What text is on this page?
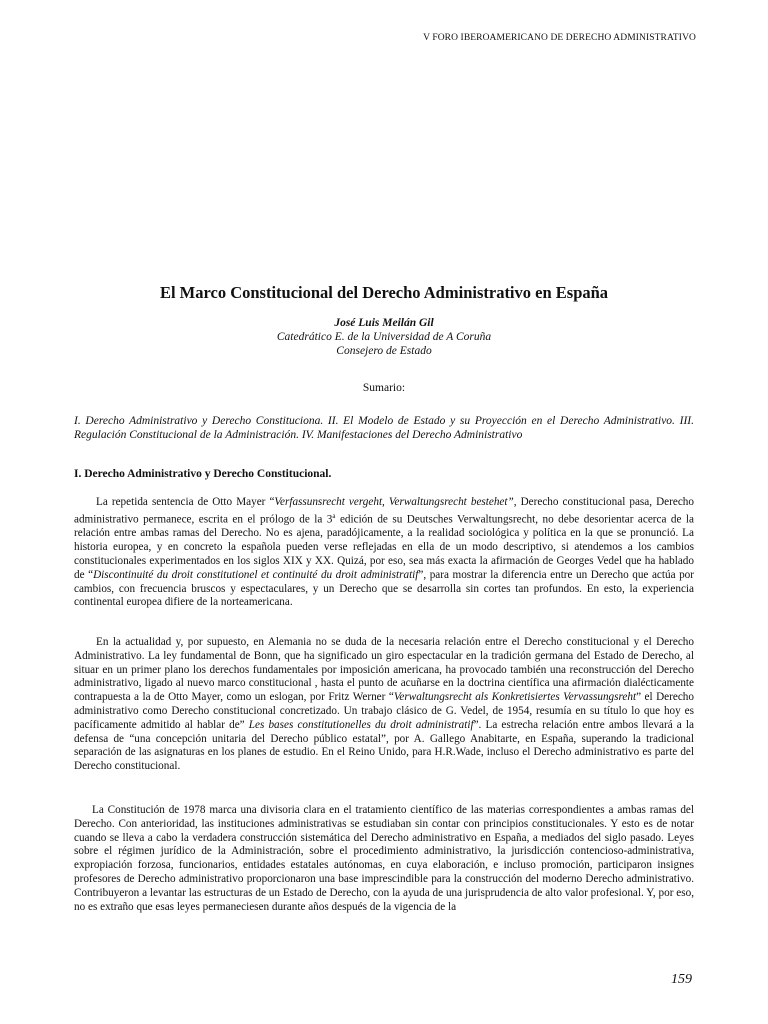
V FORO IBEROAMERICANO DE DERECHO ADMINISTRATIVO
El Marco Constitucional del Derecho Administrativo en España
José Luis Meilán Gil
Catedrático E. de la Universidad de A Coruña
Consejero de Estado
Sumario:
I. Derecho Administrativo y Derecho Constituciona. II. El Modelo de Estado y su Proyección en el Derecho Administrativo. III. Regulación Constitucional de la Administración. IV. Manifestaciones del Derecho Administrativo
I. Derecho Administrativo y Derecho Constitucional.

La repetida sentencia de Otto Mayer “Verfassunsrecht vergeht, Verwaltungsrecht bestehet”, Derecho constitucional pasa, Derecho administrativo permanece, escrita en el prólogo de la 3$^a$ edición de su Deutsches Verwaltungsrecht, no debe desorientar acerca de la relación entre ambas ramas del Derecho. No es ajena, paradójicamente, a la realidad sociológica y política en la que se pronunció. La historia europea, y en concreto la española pueden verse reflejadas en ella de un modo descriptivo, si atendemos a los cambios constitucionales experimentados en los siglos XIX y XX. Quizá, por eso, sea más exacta la afirmación de Georges Vedel que ha hablado de “Discontinuité du droit constitutionel et continuité du droit administratif”, para mostrar la diferencia entre un Derecho que actúa por cambios, con frecuencia bruscos y espectaculares, y un Derecho que se desarrolla sin cortes tan profundos. En esto, la experiencia continental europea difiere de la norteamericana.

En la actualidad y, por supuesto, en Alemania no se duda de la necesaria relación entre el Derecho constitucional y el Derecho Administrativo. La ley fundamental de Bonn, que ha significado un giro espectacular en la tradición germana del Estado de Derecho, al situar en un primer plano los derechos fundamentales por imposición americana, ha provocado también una reconstrucción del Derecho administrativo, ligado al nuevo marco constitucional , hasta el punto de acuñarse en la doctrina científica una afirmación dialécticamente contrapuesta a la de Otto Mayer, como un eslogan, por Fritz Werner “Verwaltungsrecht als Konkretisiertes Vervassungsreht” el Derecho administrativo como Derecho constitucional concretizado. Un trabajo clásico de G. Vedel, de 1954, resumía en su título lo que hoy es pacíficamente admitido al hablar de” Les bases constitutionelles du droit administratif”. La estrecha relación entre ambos llevará a la defensa de “una concepción unitaria del Derecho público estatal”, por A. Gallego Anabitarte, en España, superando la tradicional separación de las asignaturas en los planes de estudio. En el Reino Unido, para H.R.Wade, incluso el Derecho administrativo es parte del Derecho constitucional.

La Constitución de 1978 marca una divisoria clara en el tratamiento científico de las materias correspondientes a ambas ramas del Derecho. Con anterioridad, las instituciones administrativas se estudiaban sin contar con principios constitucionales. Y esto es de notar cuando se lleva a cabo la verdadera construcción sistemática del Derecho administrativo en España, a mediados del siglo pasado. Leyes sobre el régimen jurídico de la Administración, sobre el procedimiento administrativo, la jurisdicción contencioso-administrativa, expropiación forzosa, funcionarios, entidades estatales autónomas, en cuya elaboración, e incluso promoción, participaron insignes profesores de Derecho administrativo proporcionaron una base imprescindible para la construcción del moderno Derecho administrativo. Contribuyeron a levantar las estructuras de un Estado de Derecho, con la ayuda de una jurisprudencia de alto valor profesional. Y, por eso, no es extraño que esas leyes permaneciesen durante años después de la vigencia de la

159
